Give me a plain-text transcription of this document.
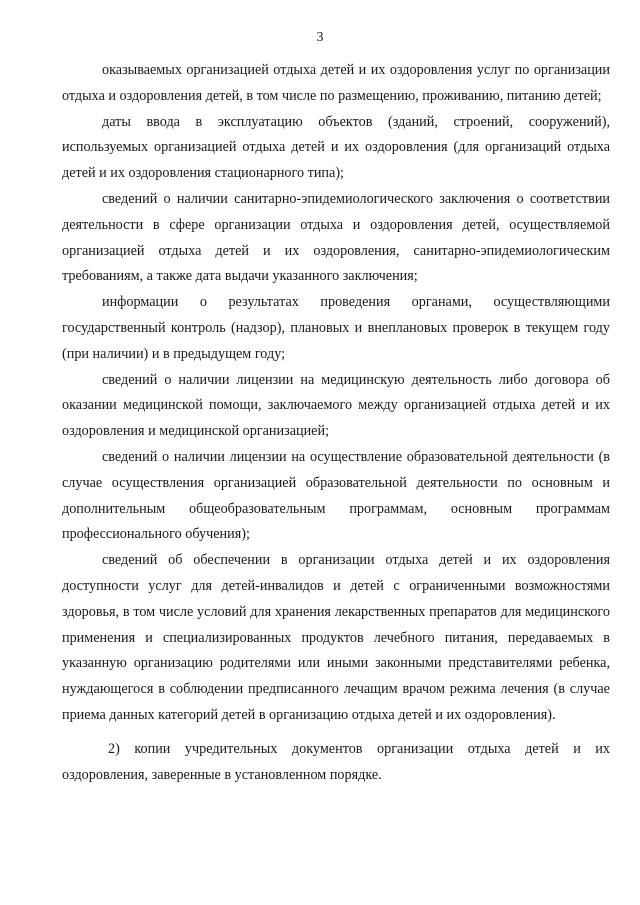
3

оказываемых организацией отдыха детей и их оздоровления услуг по организации отдыха и оздоровления детей, в том числе по размещению, проживанию, питанию детей;

даты ввода в эксплуатацию объектов (зданий, строений, сооружений), используемых организацией отдыха детей и их оздоровления (для организаций отдыха детей и их оздоровления стационарного типа);

сведений о наличии санитарно-эпидемиологического заключения о соответствии деятельности в сфере организации отдыха и оздоровления детей, осуществляемой организацией отдыха детей и их оздоровления, санитарно-эпидемиологическим требованиям, а также дата выдачи указанного заключения;

информации о результатах проведения органами, осуществляющими государственный контроль (надзор), плановых и внеплановых проверок в текущем году (при наличии) и в предыдущем году;

сведений о наличии лицензии на медицинскую деятельность либо договора об оказании медицинской помощи, заключаемого между организацией отдыха детей и их оздоровления и медицинской организацией;

сведений о наличии лицензии на осуществление образовательной деятельности (в случае осуществления организацией образовательной деятельности по основным и дополнительным общеобразовательным программам, основным программам профессионального обучения);

сведений об обеспечении в организации отдыха детей и их оздоровления доступности услуг для детей-инвалидов и детей с ограниченными возможностями здоровья, в том числе условий для хранения лекарственных препаратов для медицинского применения и специализированных продуктов лечебного питания, передаваемых в указанную организацию родителями или иными законными представителями ребенка, нуждающегося в соблюдении предписанного лечащим врачом режима лечения (в случае приема данных категорий детей в организацию отдыха детей и их оздоровления).

2) копии учредительных документов организации отдыха детей и их оздоровления, заверенные в установленном порядке.
